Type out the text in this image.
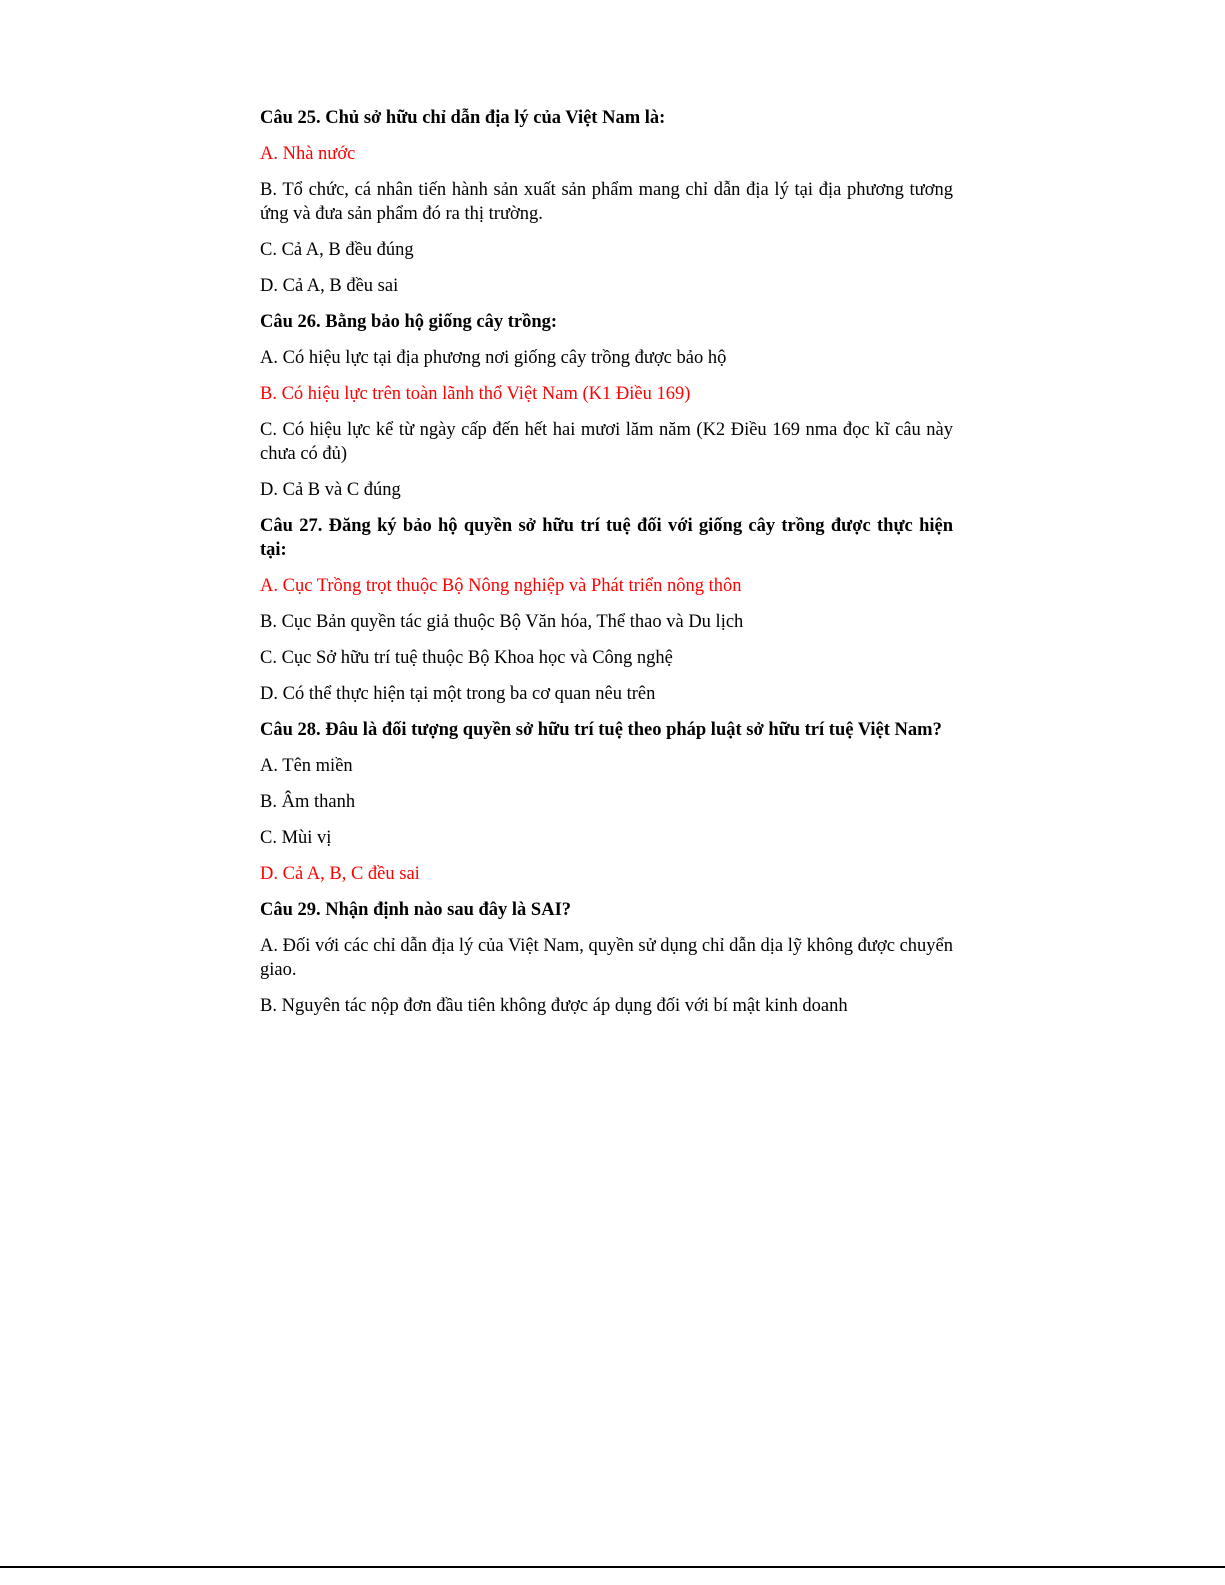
Câu 25. Chủ sở hữu chỉ dẫn địa lý của Việt Nam là:
A. Nhà nước
B. Tổ chức, cá nhân tiến hành sản xuất sản phẩm mang chỉ dẫn địa lý tại địa phương tương ứng và đưa sản phẩm đó ra thị trường.
C. Cả A, B đều đúng
D. Cả A, B đều sai
Câu 26. Bằng bảo hộ giống cây trồng:
A. Có hiệu lực tại địa phương nơi giống cây trồng được bảo hộ
B. Có hiệu lực trên toàn lãnh thổ Việt Nam (K1 Điều 169)
C. Có hiệu lực kể từ ngày cấp đến hết hai mươi lăm năm (K2 Điều 169 nma đọc kĩ câu này chưa có đủ)
D. Cả B và C đúng
Câu 27. Đăng ký bảo hộ quyền sở hữu trí tuệ đối với giống cây trồng được thực hiện tại:
A. Cục Trồng trọt thuộc Bộ Nông nghiệp và Phát triển nông thôn
B. Cục Bản quyền tác giả thuộc Bộ Văn hóa, Thể thao và Du lịch
C. Cục Sở hữu trí tuệ thuộc Bộ Khoa học và Công nghệ
D. Có thể thực hiện tại một trong ba cơ quan nêu trên
Câu 28. Đâu là đối tượng quyền sở hữu trí tuệ theo pháp luật sở hữu trí tuệ Việt Nam?
A. Tên miền
B. Âm thanh
C. Mùi vị
D. Cả A, B, C đều sai
Câu 29. Nhận định nào sau đây là SAI?
A. Đối với các chỉ dẫn địa lý của Việt Nam, quyền sử dụng chỉ dẫn dịa lỹ không được chuyển giao.
B. Nguyên tác nộp đơn đầu tiên không được áp dụng đối với bí mật kinh doanh
